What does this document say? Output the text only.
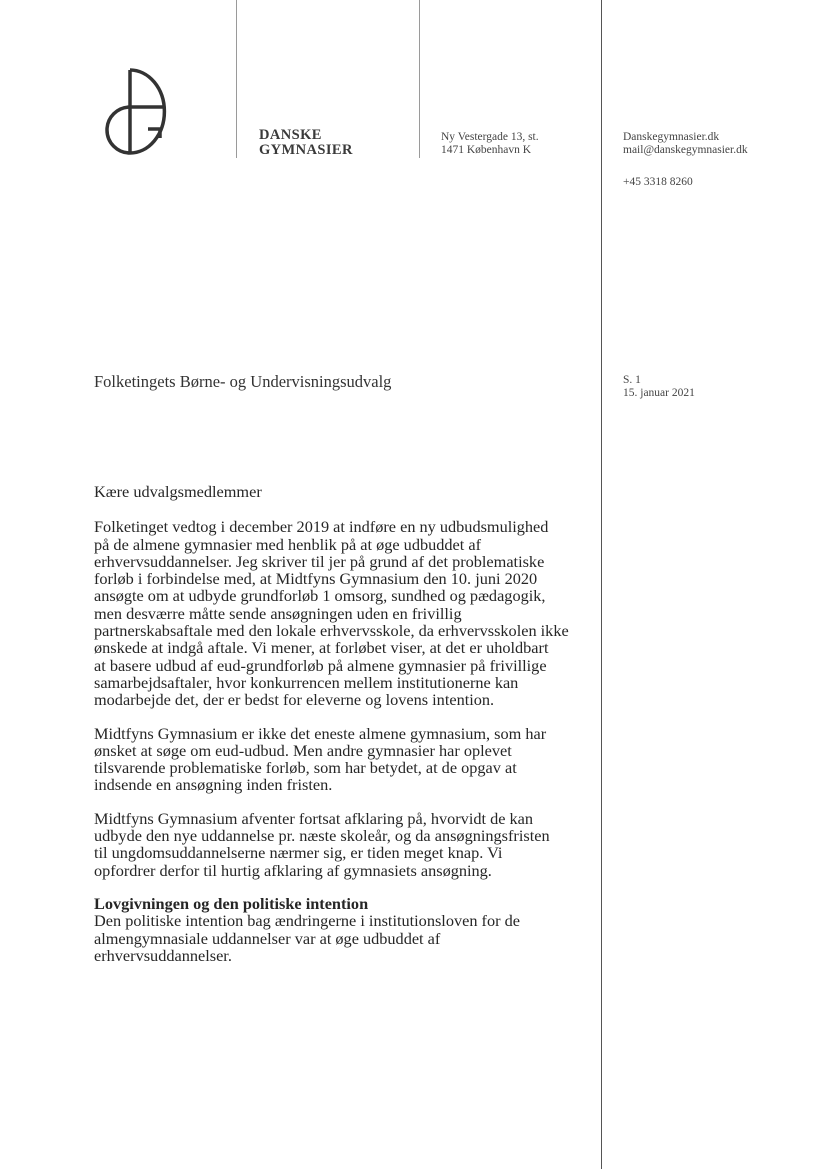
DANSKE
GYMNASIER
Ny Vestergade 13, st.
1471 København K
Danskegymnasier.dk
mail@danskegymnasier.dk
+45 3318 8260
Folketingets Børne- og Undervisningsudvalg	S. 1
15. januar 2021

Kære udvalgsmedlemmer

Folketinget vedtog i december 2019 at indføre en ny udbudsmulighed
på de almene gymnasier med henblik på at øge udbuddet af
erhvervsuddannelser. Jeg skriver til jer på grund af det problematiske
forløb i forbindelse med, at Midtfyns Gymnasium den 10. juni 2020
ansøgte om at udbyde grundforløb 1 omsorg, sundhed og pædagogik,
men desværre måtte sende ansøgningen uden en frivillig
partnerskabsaftale med den lokale erhvervsskole, da erhvervsskolen ikke
ønskede at indgå aftale. Vi mener, at forløbet viser, at det er uholdbart
at basere udbud af eud-grundforløb på almene gymnasier på frivillige
samarbejdsaftaler, hvor konkurrencen mellem institutionerne kan
modarbejde det, der er bedst for eleverne og lovens intention.

Midtfyns Gymnasium er ikke det eneste almene gymnasium, som har
ønsket at søge om eud-udbud. Men andre gymnasier har oplevet
tilsvarende problematiske forløb, som har betydet, at de opgav at
indsende en ansøgning inden fristen.

Midtfyns Gymnasium afventer fortsat afklaring på, hvorvidt de kan
udbyde den nye uddannelse pr. næste skoleår, og da ansøgningsfristen
til ungdomsuddannelserne nærmer sig, er tiden meget knap. Vi
opfordrer derfor til hurtig afklaring af gymnasiets ansøgning.

Lovgivningen og den politiske intention

Den politiske intention bag ændringerne i institutionsloven for de
almengymnasiale uddannelser var at øge udbuddet af
erhvervsuddannelser.
